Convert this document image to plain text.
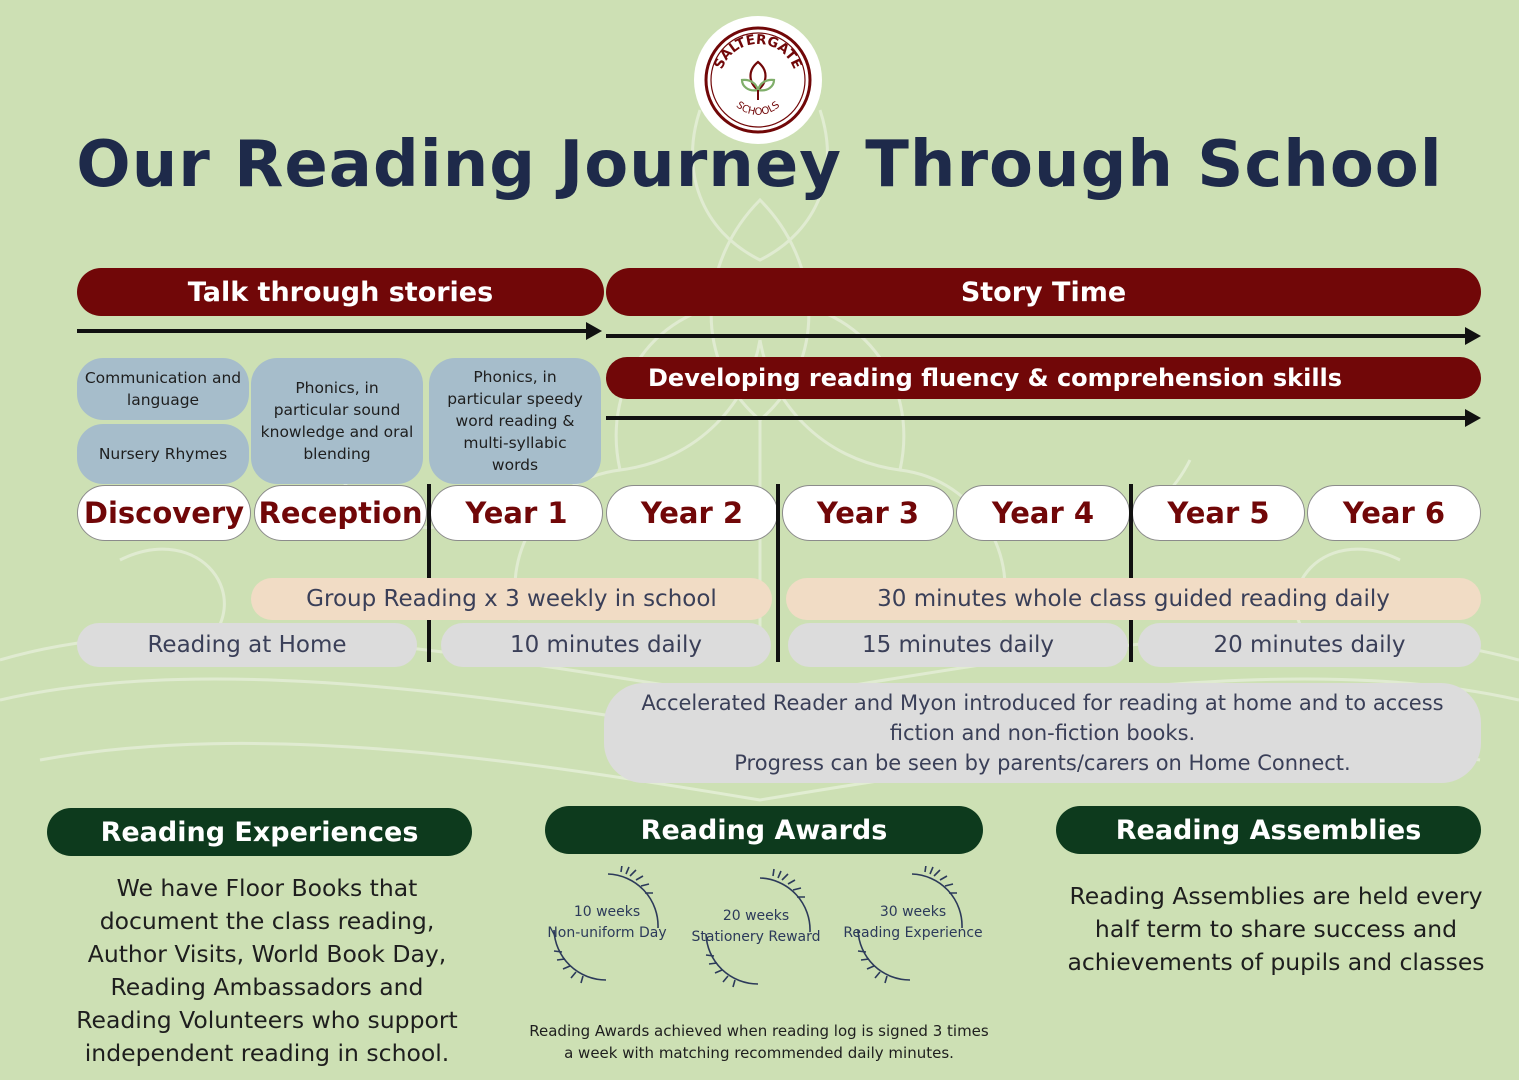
SALTERGATE
SCHOOLS
Our Reading Journey Through School
Talk through stories	Story Time
Developing reading fluency & comprehension skills
Communication and language
Nursery Rhymes
Phonics, in particular sound knowledge and oral blending
Phonics, in particular speedy word reading & multi-syllabic words
Discovery Reception	Year 1	Year 2	Year 3	Year 4	Year 5	Year 6
Group Reading x 3 weekly in school	30 minutes whole class guided reading daily
Reading at Home	10 minutes daily	15 minutes daily	20 minutes daily
Accelerated Reader and Myon introduced for reading at home and to access
fiction and non-fiction books.
Progress can be seen by parents/carers on Home Connect.
Reading Experiences	Reading Awards	Reading Assemblies
We have Floor Books that document the class reading, Author Visits, World Book Day, Reading Ambassadors and Reading Volunteers who support independent reading in school.
Reading Assemblies are held every half term to share success and achievements of pupils and classes
10 weeks
Non-uniform Day
20 weeks
Stationery Reward
30 weeks
Reading Experience
Reading Awards achieved when reading log is signed 3 times a week with matching recommended daily minutes.
